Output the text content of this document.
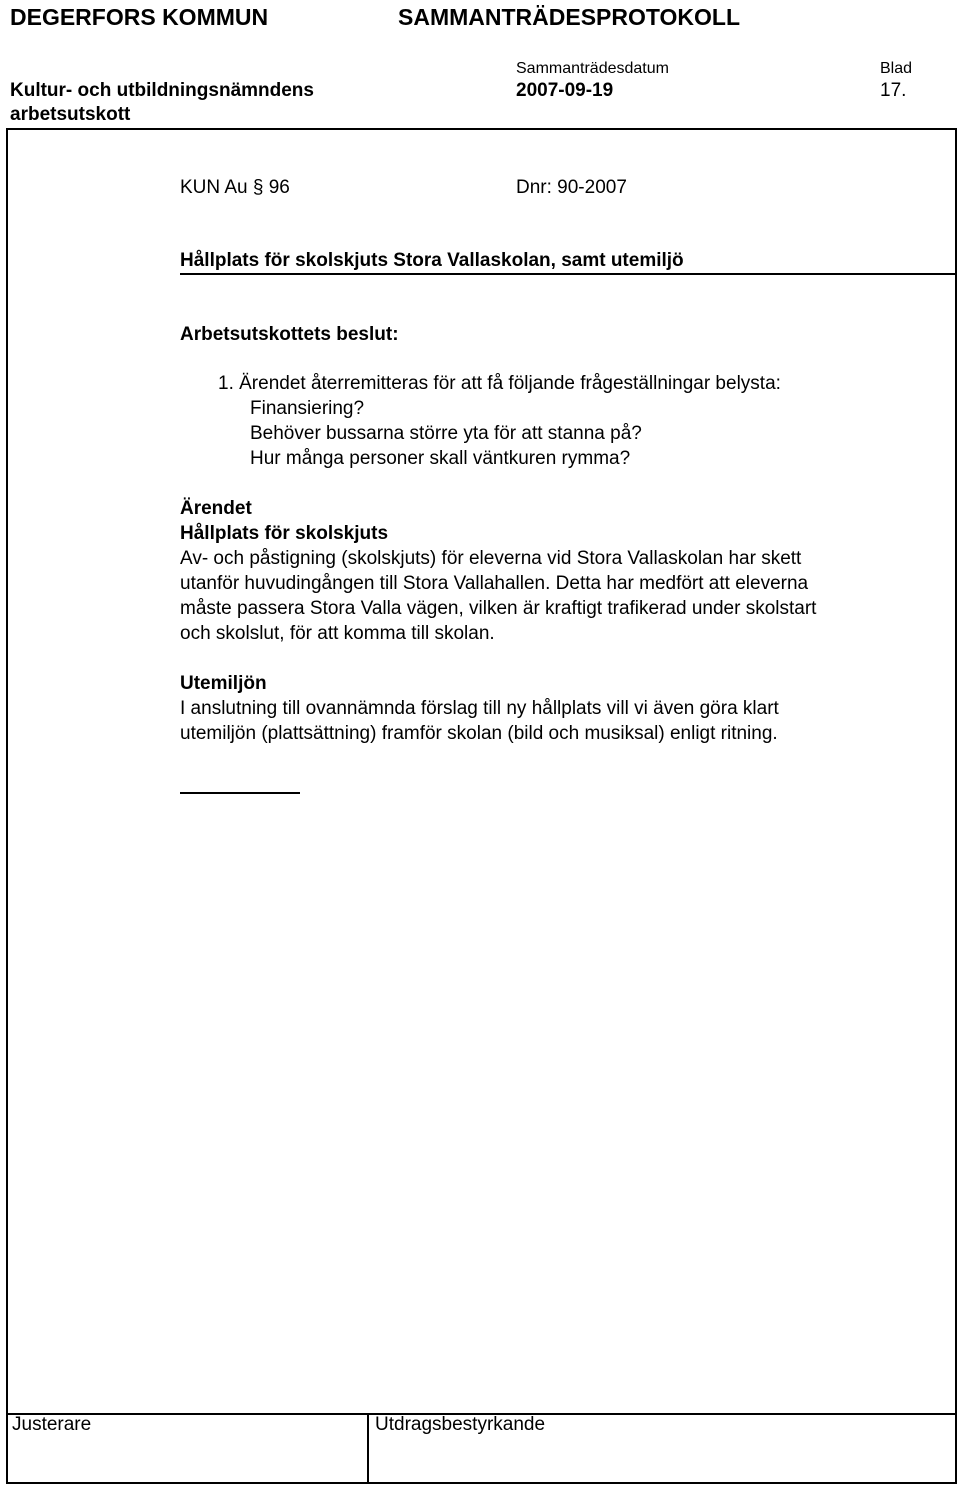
DEGERFORS KOMMUN	SAMMANTRÄDESPROTOKOLL
Sammanträdesdatum	Blad
Kultur- och utbildningsnämndens	2007-09-19	17.
arbetsutskott
KUN Au § 96	Dnr: 90-2007
Hållplats för skolskjuts Stora Vallaskolan, samt utemiljö
Arbetsutskottets beslut:
1. Ärendet återremitteras för att få följande frågeställningar belysta:
Finansiering?
Behöver bussarna större yta för att stanna på?
Hur många personer skall väntkuren rymma?
Ärendet
Hållplats för skolskjuts
Av- och påstigning (skolskjuts) för eleverna vid Stora Vallaskolan har skett
utanför huvudingången till Stora Vallahallen. Detta har medfört att eleverna
måste passera Stora Valla vägen, vilken är kraftigt trafikerad under skolstart
och skolslut, för att komma till skolan.
Utemiljön
I anslutning till ovannämnda förslag till ny hållplats vill vi även göra klart
utemiljön (plattsättning) framför skolan (bild och musiksal) enligt ritning.
Justerare	Utdragsbestyrkande
